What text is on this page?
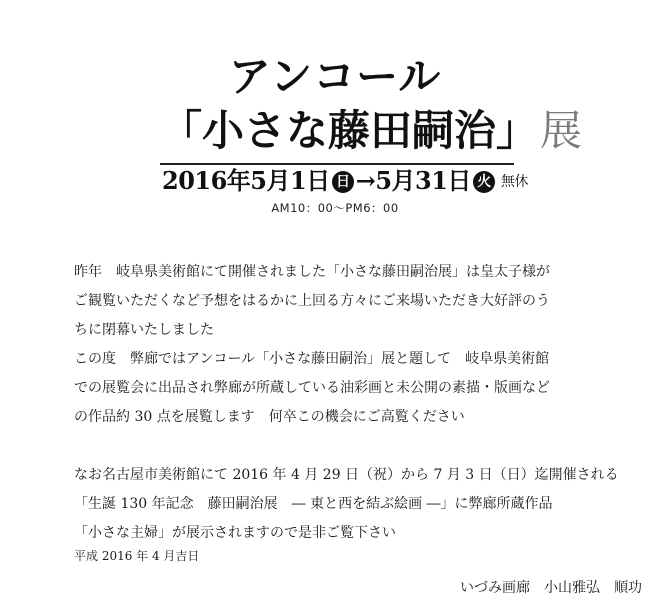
アンコール
「小さな藤田嗣治」展
2016年5月1日 日 →5月31日 火 無休
AM10：00〜PM6：00

昨年　岐阜県美術館にて開催されました「小さな藤田嗣治展」は皇太子様が

ご観覧いただくなど予想をはるかに上回る方々にご来場いただき大好評のう

ちに閉幕いたしました

この度　弊廊ではアンコール「小さな藤田嗣治」展と題して　岐阜県美術館

での展覧会に出品され弊廊が所蔵している油彩画と未公開の素描・版画など

の作品約 30 点を展覧します　何卒この機会にご高覧ください

なお名古屋市美術館にて 2016 年 4 月 29 日（祝）から 7 月 3 日（日）迄開催される

「生誕 130 年記念　藤田嗣治展　― 東と西を結ぶ絵画 ―」に弊廊所蔵作品

「小さな主婦」が展示されますので是非ご覧下さい

平成 2016 年 4 月吉日
いづみ画廊　小山雅弘　順功
